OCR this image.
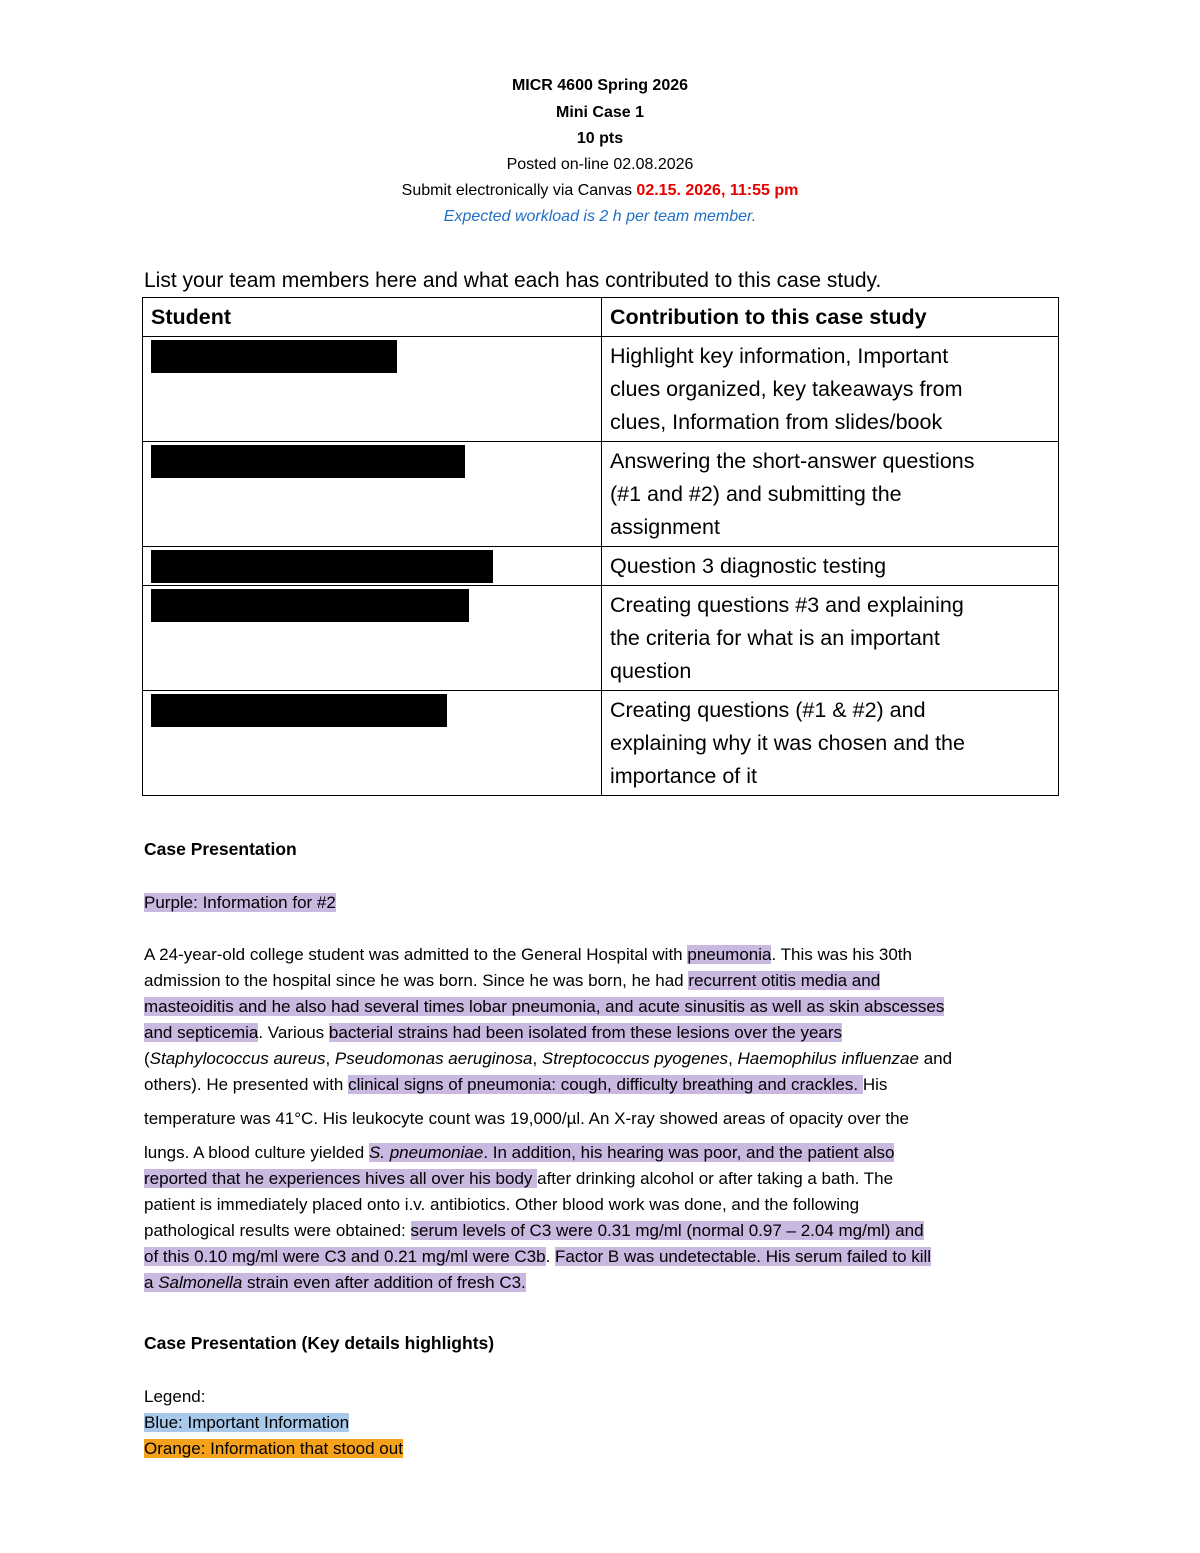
MICR 4600 Spring 2026
Mini Case 1
10 pts
Posted on-line 02.08.2026
Submit electronically via Canvas 02.15. 2026, 11:55 pm
Expected workload is 2 h per team member.
List your team members here and what each has contributed to this case study.
Student	Contribution to this case study

	Highlight key information, Important
clues organized, key takeaways from
clues, Information from slides/book

	Answering the short-answer questions
(#1 and #2) and submitting the
assignment

	Question 3 diagnostic testing

	Creating questions #3 and explaining
the criteria for what is an important
question

	Creating questions (#1 & #2) and
explaining why it was chosen and the
importance of it
Case Presentation
Purple: Information for #2
A 24-year-old college student was admitted to the General Hospital with pneumonia. This was his 30th
admission to the hospital since he was born. Since he was born, he had recurrent otitis media and
masteoiditis and he also had several times lobar pneumonia, and acute sinusitis as well as skin abscesses
and septicemia. Various bacterial strains had been isolated from these lesions over the years
(Staphylococcus aureus, Pseudomonas aeruginosa, Streptococcus pyogenes, Haemophilus influenzae and
others). He presented with clinical signs of pneumonia: cough, difficulty breathing and crackles. His
temperature was 41°C. His leukocyte count was 19,000/µl. An X-ray showed areas of opacity over the
lungs. A blood culture yielded S. pneumoniae. In addition, his hearing was poor, and the patient also
reported that he experiences hives all over his body after drinking alcohol or after taking a bath. The
patient is immediately placed onto i.v. antibiotics. Other blood work was done, and the following
pathological results were obtained: serum levels of C3 were 0.31 mg/ml (normal 0.97 – 2.04 mg/ml) and
of this 0.10 mg/ml were C3 and 0.21 mg/ml were C3b. Factor B was undetectable. His serum failed to kill
a Salmonella strain even after addition of fresh C3.
Case Presentation (Key details highlights)
Legend:
Blue: Important Information
Orange: Information that stood out
